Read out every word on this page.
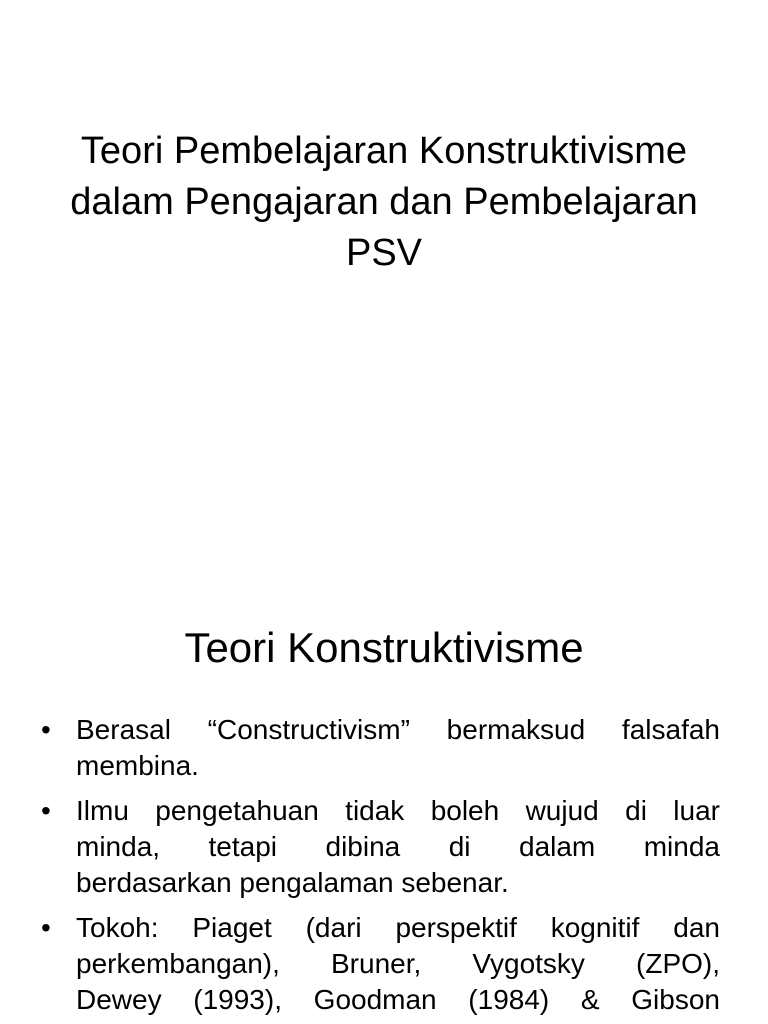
Teori Pembelajaran Konstruktivisme
dalam Pengajaran dan Pembelajaran
PSV
Teori Konstruktivisme
• Berasal “Constructivism” bermaksud falsafah
membina.
• Ilmu pengetahuan tidak boleh wujud di luar
minda, tetapi dibina di dalam minda
berdasarkan pengalaman sebenar.
• Tokoh: Piaget (dari perspektif kognitif dan
perkembangan), Bruner, Vygotsky (ZPO),
Dewey (1993), Goodman (1984) & Gibson
